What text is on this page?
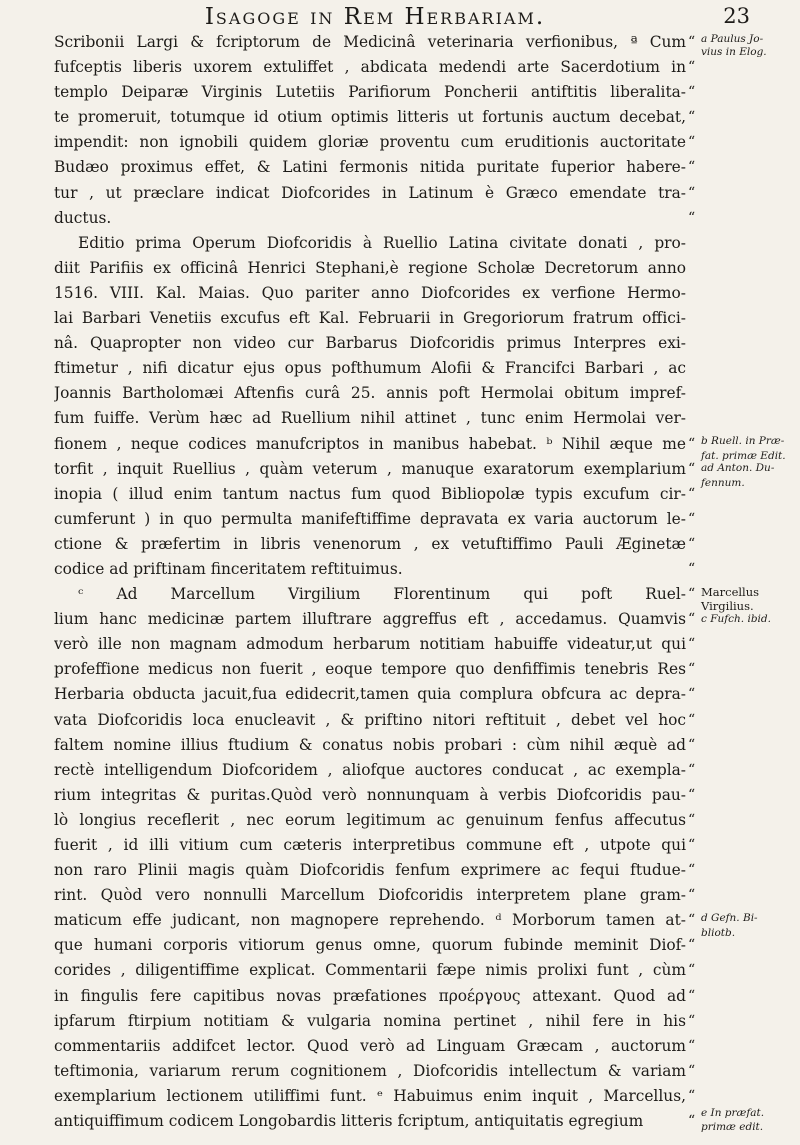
Isagoge in Rem Herbariam.	23
Scribonii Largi & fcriptorum de Medicinâ veterinaria verfionibus, ª Cum
fufceptis liberis uxorem extuliffet , abdicata medendi arte Sacerdotium in
templo Deiparæ Virginis Lutetiis Parifiorum Poncherii antiftitis liberalita-
te promeruit, totumque id otium optimis litteris ut fortunis auctum decebat,
impendit: non ignobili quidem gloriæ proventu cum eruditionis auctoritate
Budæo proximus effet, & Latini fermonis nitida puritate fuperior habere-
tur , ut præclare indicat Diofcorides in Latinum è Græco emendate tra-
ductus.
Editio prima Operum Diofcoridis à Ruellio Latina civitate donati , pro-
diit Parifiis ex officinâ Henrici Stephani,è regione Scholæ Decretorum anno
1516. VIII. Kal. Maias. Quo pariter anno Diofcorides ex verfione Hermo-
lai Barbari Venetiis excufus eft Kal. Februarii in Gregoriorum fratrum offici-
nâ. Quapropter non video cur Barbarus Diofcoridis primus Interpres exi-
ftimetur , nifi dicatur ejus opus pofthumum Alofii & Francifci Barbari , ac
Joannis Bartholomæi Aftenfis curâ 25. annis poft Hermolai obitum impref-
fum fuiffe. Verùm hæc ad Ruellium nihil attinet , tunc enim Hermolai ver-
fionem , neque codices manufcriptos in manibus habebat. ᵇ Nihil æque me
torfit , inquit Ruellius , quàm veterum , manuque exaratorum exemplarium
inopia ( illud enim tantum nactus fum quod Bibliopolæ typis excufum cir-
cumferunt ) in quo permulta manifeftiffime depravata ex varia auctorum le-
ctione & præfertim in libris venenorum , ex vetuftiffimo Pauli Æginetæ
codice ad priftinam finceritatem reftituimus.
ᶜ Ad Marcellum Virgilium Florentinum qui poft Ruel-
lium hanc medicinæ partem illuftrare aggreffus eft , accedamus. Quamvis
verò ille non magnam admodum herbarum notitiam habuiffe videatur,ut qui
profeffione medicus non fuerit , eoque tempore quo denfiffimis tenebris Res
Herbaria obducta jacuit,fua edidecrit,tamen quia complura obfcura ac depra-
vata Diofcoridis loca enucleavit , & priftino nitori reftituit , debet vel hoc
faltem nomine illius ftudium & conatus nobis probari : cùm nihil æquè ad
rectè intelligendum Diofcoridem , aliofque auctores conducat , ac exempla-
rium integritas & puritas.Quòd verò nonnunquam à verbis Diofcoridis pau-
lò longius receflerit , nec eorum legitimum ac genuinum fenfus affecutus
fuerit , id illi vitium cum cæteris interpretibus commune eft , utpote qui
non raro Plinii magis quàm Diofcoridis fenfum exprimere ac fequi ftudue-
rint. Quòd vero nonnulli Marcellum Diofcoridis interpretem plane gram-
maticum effe judicant, non magnopere reprehendo. ᵈ Morborum tamen at-
que humani corporis vitiorum genus omne, quorum fubinde meminit Diof-
corides , diligentiffime explicat. Commentarii fæpe nimis prolixi funt , cùm
in fingulis fere capitibus novas præfationes προέργους attexant. Quod ad
ipfarum ftirpium notitiam & vulgaria nomina pertinet , nihil fere in his
commentariis addifcet lector. Quod verò ad Linguam Græcam , auctorum
teftimonia, variarum rerum cognitionem , Diofcoridis intellectum & variam
exemplarium lectionem utiliffimi funt. ᵉ Habuimus enim inquit , Marcellus,
antiquiffimum codicem Longobardis litteris fcriptum, antiquitatis egregium
“
“
“
“
“
“
“
“
“
“
“
“
“
“
“
“
“
“
“
“
“
“
“
“
“
“
“
“
“
“
“
“
“
“
“
“
a Paulus Jo-
vius in Elog.
b Ruell. in Præ-
fat. primæ Edit.
ad Anton. Du-
fennum.
Marcellus
Virgilius.
c Fufch. ibid.
d Gefn. Bi-
bliotb.
e In præfat.
primæ edit.
